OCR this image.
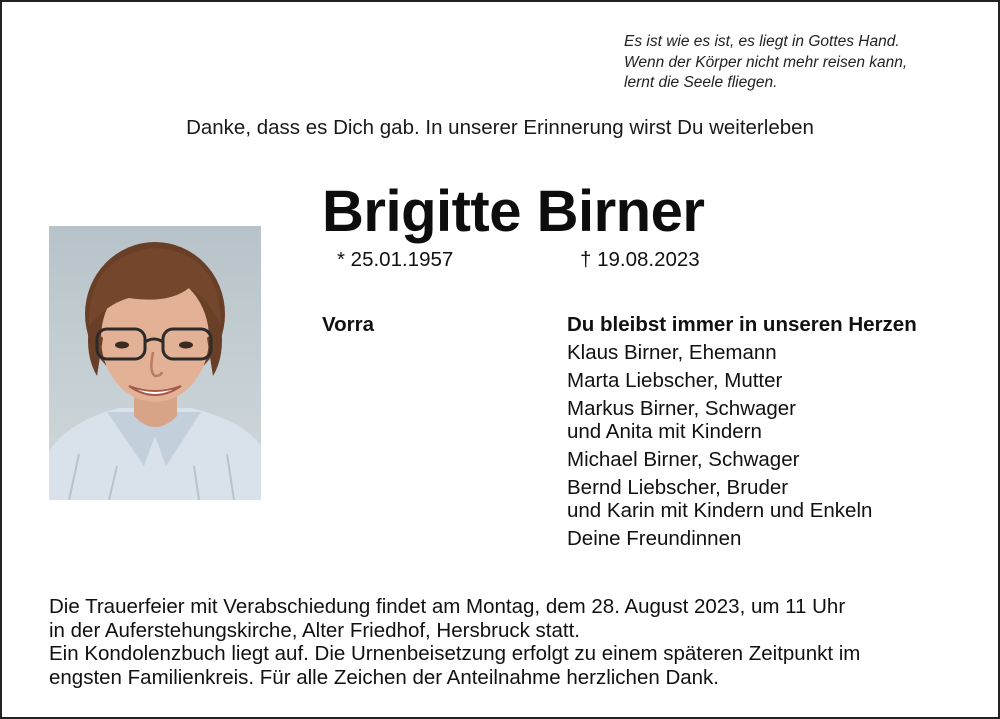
Es ist wie es ist, es liegt in Gottes Hand.
Wenn der Körper nicht mehr reisen kann,
lernt die Seele fliegen.
Danke, dass es Dich gab. In unserer Erinnerung wirst Du weiterleben
Brigitte Birner
* 25.01.1957	† 19.08.2023
Vorra	Du bleibst immer in unseren Herzen
Klaus Birner, Ehemann
Marta Liebscher, Mutter
Markus Birner, Schwager
und Anita mit Kindern
Michael Birner, Schwager
Bernd Liebscher, Bruder
und Karin mit Kindern und Enkeln
Deine Freundinnen
Die Trauerfeier mit Verabschiedung findet am Montag, dem 28. August 2023, um 11 Uhr
in der Auferstehungskirche, Alter Friedhof, Hersbruck statt.
Ein Kondolenzbuch liegt auf. Die Urnenbeisetzung erfolgt zu einem späteren Zeitpunkt im
engsten Familienkreis. Für alle Zeichen der Anteilnahme herzlichen Dank.
